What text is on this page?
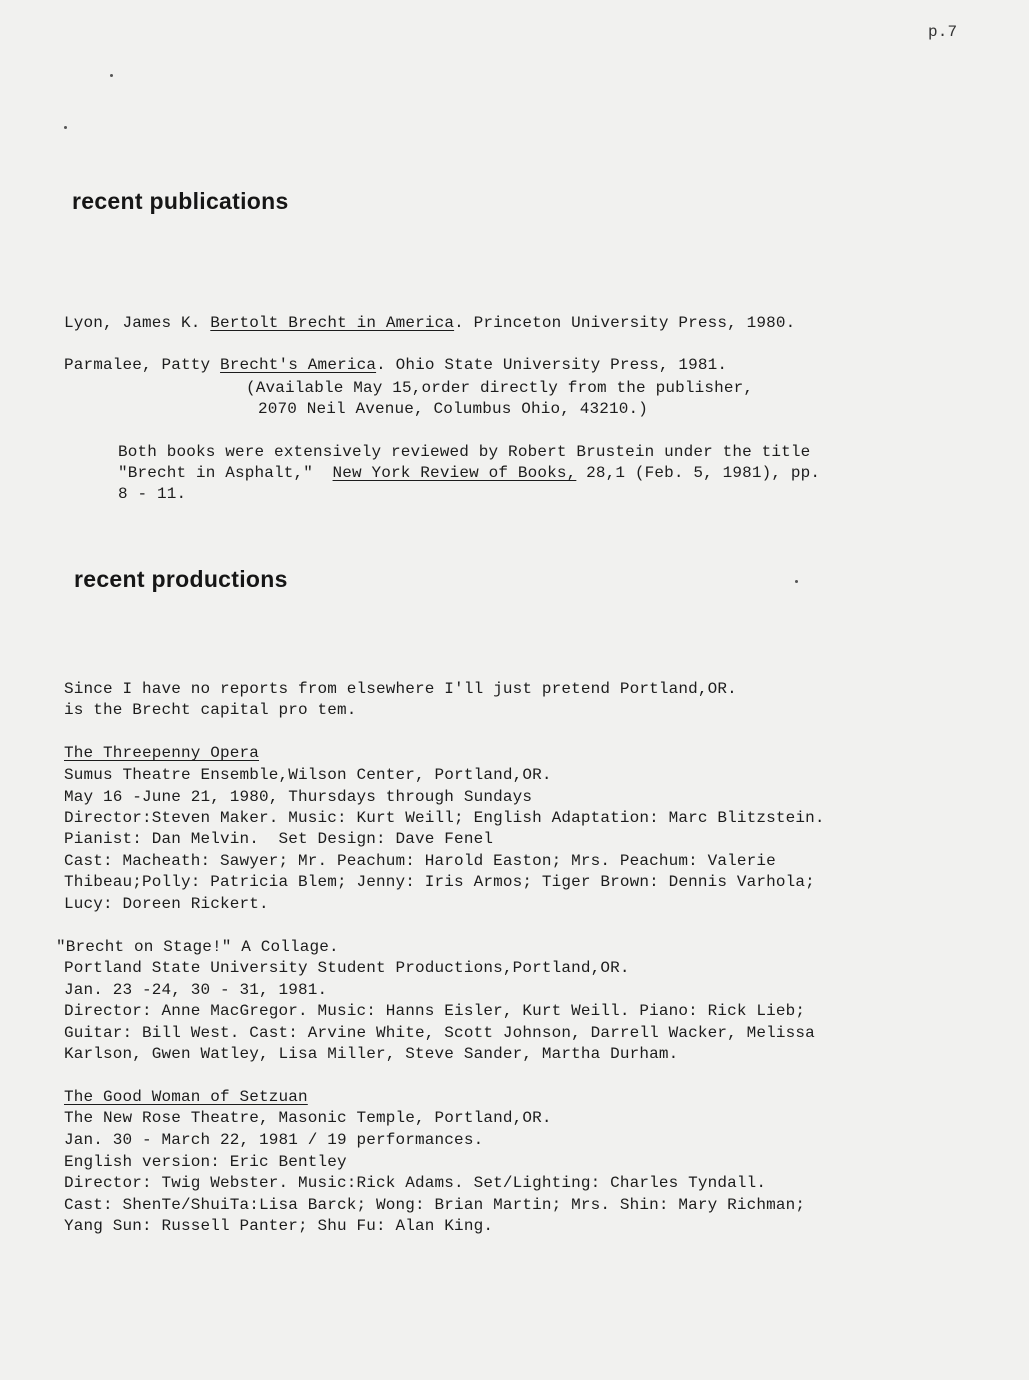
p.7
recent publications
Lyon, James K. Bertolt Brecht in America. Princeton University Press, 1980.
Parmalee, Patty Brecht's America. Ohio State University Press, 1981.
(Available May 15,order directly from the publisher,
2070 Neil Avenue, Columbus Ohio, 43210.)
Both books were extensively reviewed by Robert Brustein under the title
"Brecht in Asphalt," New York Review of Books, 28,1 (Feb. 5, 1981), pp.
8 - 11.
recent productions
Since I have no reports from elsewhere I'll just pretend Portland,OR.
is the Brecht capital pro tem.
The Threepenny Opera
Sumus Theatre Ensemble,Wilson Center, Portland,OR.
May 16 -June 21, 1980, Thursdays through Sundays
Director:Steven Maker. Music: Kurt Weill; English Adaptation: Marc Blitzstein.
Pianist: Dan Melvin.  Set Design: Dave Fenel
Cast: Macheath: Sawyer; Mr. Peachum: Harold Easton; Mrs. Peachum: Valerie
Thibeau;Polly: Patricia Blem; Jenny: Iris Armos; Tiger Brown: Dennis Varhola;
Lucy: Doreen Rickert.
"Brecht on Stage!" A Collage.
Portland State University Student Productions,Portland,OR.
Jan. 23 -24, 30 - 31, 1981.
Director: Anne MacGregor. Music: Hanns Eisler, Kurt Weill. Piano: Rick Lieb;
Guitar: Bill West. Cast: Arvine White, Scott Johnson, Darrell Wacker, Melissa
Karlson, Gwen Watley, Lisa Miller, Steve Sander, Martha Durham.
The Good Woman of Setzuan
The New Rose Theatre, Masonic Temple, Portland,OR.
Jan. 30 - March 22, 1981 / 19 performances.
English version: Eric Bentley
Director: Twig Webster. Music:Rick Adams. Set/Lighting: Charles Tyndall.
Cast: ShenTe/ShuiTa:Lisa Barck; Wong: Brian Martin; Mrs. Shin: Mary Richman;
Yang Sun: Russell Panter; Shu Fu: Alan King.
